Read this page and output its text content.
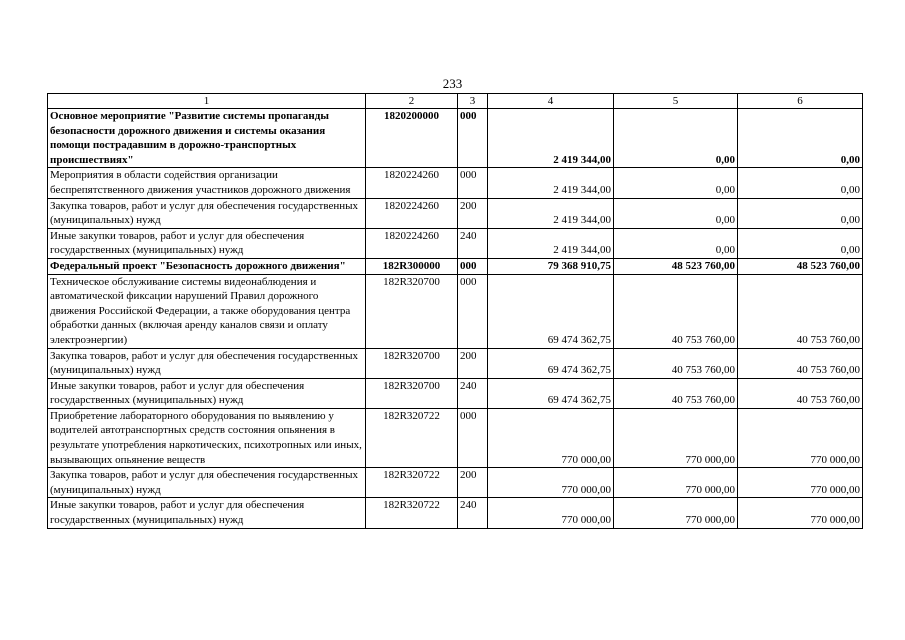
233
1	2	3	4	5	6
Основное мероприятие "Развитие системы пропаганды безопасности дорожного движения и системы оказания помощи пострадавшим в дорожно-транспортных происшествиях"	1820200000	000	2 419 344,00	0,00	0,00
Мероприятия в области содействия организации беспрепятственного движения участников дорожного движения	1820224260	000	2 419 344,00	0,00	0,00
Закупка товаров, работ и услуг для обеспечения государственных (муниципальных) нужд	1820224260	200	2 419 344,00	0,00	0,00
Иные закупки товаров, работ и услуг для обеспечения государственных (муниципальных) нужд	1820224260	240	2 419 344,00	0,00	0,00
Федеральный проект "Безопасность дорожного движения"	182R300000	000	79 368 910,75	48 523 760,00	48 523 760,00
Техническое обслуживание системы видеонаблюдения и автоматической фиксации нарушений Правил дорожного движения Российской Федерации, а также оборудования центра обработки данных (включая аренду каналов связи и оплату электроэнергии)	182R320700	000	69 474 362,75	40 753 760,00	40 753 760,00
Закупка товаров, работ и услуг для обеспечения государственных (муниципальных) нужд	182R320700	200	69 474 362,75	40 753 760,00	40 753 760,00
Иные закупки товаров, работ и услуг для обеспечения государственных (муниципальных) нужд	182R320700	240	69 474 362,75	40 753 760,00	40 753 760,00
Приобретение лабораторного оборудования по выявлению у водителей автотранспортных средств состояния опьянения в результате употребления наркотических, психотропных или иных, вызывающих опьянение веществ	182R320722	000	770 000,00	770 000,00	770 000,00
Закупка товаров, работ и услуг для обеспечения государственных (муниципальных) нужд	182R320722	200	770 000,00	770 000,00	770 000,00
Иные закупки товаров, работ и услуг для обеспечения государственных (муниципальных) нужд	182R320722	240	770 000,00	770 000,00	770 000,00
